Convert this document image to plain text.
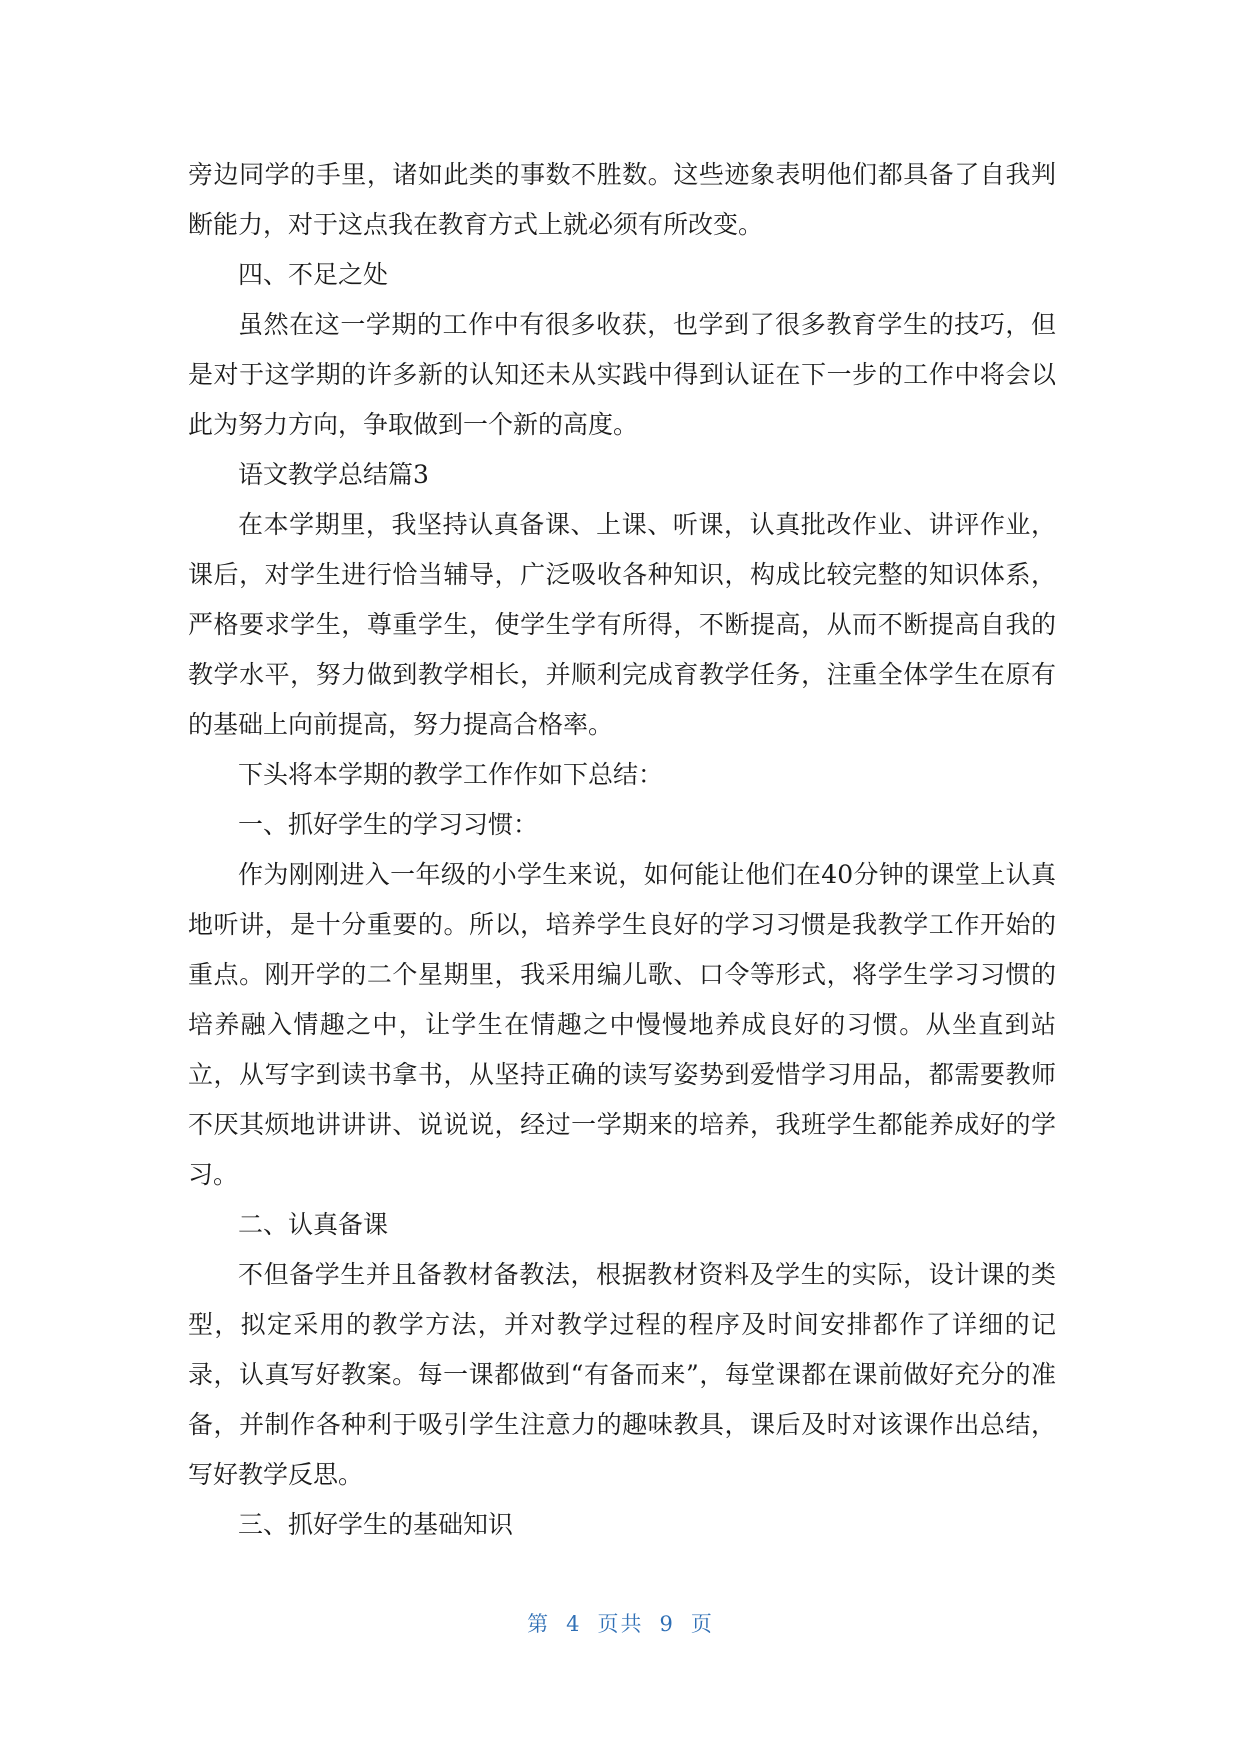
旁边同学的手里，诸如此类的事数不胜数。这些迹象表明他们都具备了自我判断能力，对于这点我在教育方式上就必须有所改变。

四、不足之处

虽然在这一学期的工作中有很多收获，也学到了很多教育学生的技巧，但是对于这学期的许多新的认知还未从实践中得到认证在下一步的工作中将会以此为努力方向，争取做到一个新的高度。

语文教学总结篇3

在本学期里，我坚持认真备课、上课、听课，认真批改作业、讲评作业，课后，对学生进行恰当辅导，广泛吸收各种知识，构成比较完整的知识体系，严格要求学生，尊重学生，使学生学有所得，不断提高，从而不断提高自我的教学水平，努力做到教学相长，并顺利完成育教学任务，注重全体学生在原有的基础上向前提高，努力提高合格率。

下头将本学期的教学工作作如下总结：

一、抓好学生的学习习惯：

作为刚刚进入一年级的小学生来说，如何能让他们在40分钟的课堂上认真地听讲，是十分重要的。所以，培养学生良好的学习习惯是我教学工作开始的重点。刚开学的二个星期里，我采用编儿歌、口令等形式，将学生学习习惯的培养融入情趣之中，让学生在情趣之中慢慢地养成良好的习惯。从坐直到站立，从写字到读书拿书，从坚持正确的读写姿势到爱惜学习用品，都需要教师不厌其烦地讲讲讲、说说说，经过一学期来的培养，我班学生都能养成好的学习。

二、认真备课

不但备学生并且备教材备教法，根据教材资料及学生的实际，设计课的类型，拟定采用的教学方法，并对教学过程的程序及时间安排都作了详细的记录，认真写好教案。每一课都做到“有备而来”，每堂课都在课前做好充分的准备，并制作各种利于吸引学生注意力的趣味教具，课后及时对该课作出总结，写好教学反思。

三、抓好学生的基础知识

第 4 页共 9 页
